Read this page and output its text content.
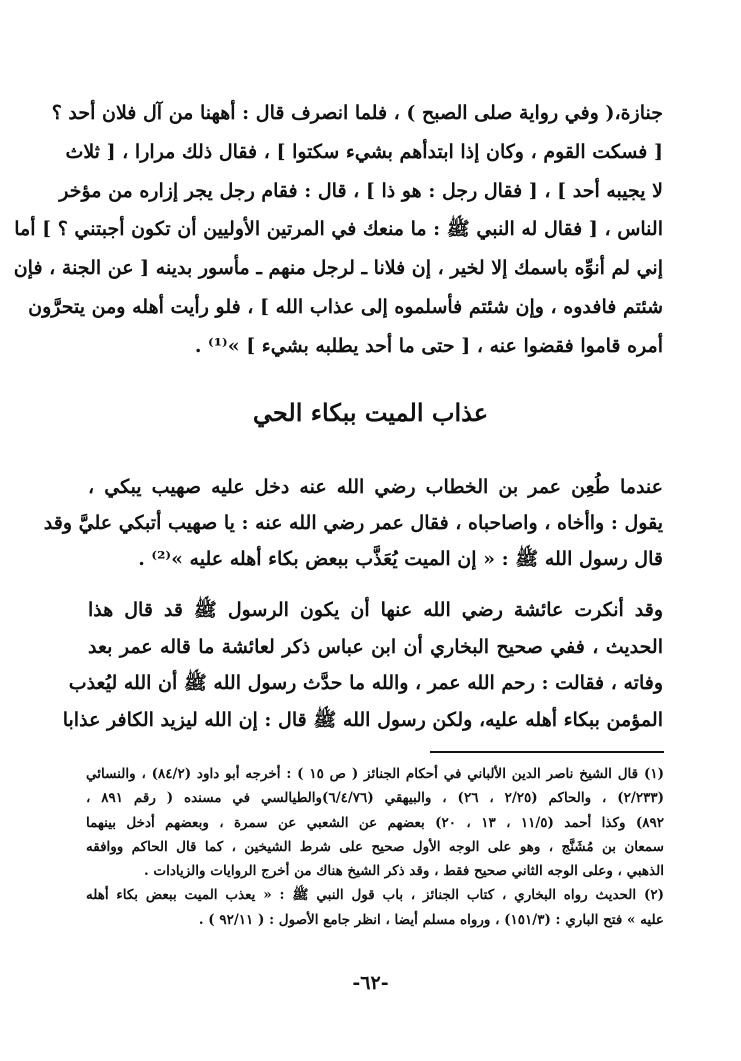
جنازة،( وفي رواية صلى الصبح ) ، فلما انصرف قال : أههنا من آل فلان أحد ؟
[ فسكت القوم ، وكان إذا ابتدأهم بشيء سكتوا ] ، فقال ذلك مرارا ، [ ثلاث
لا يجيبه أحد ] ، [ فقال رجل : هو ذا ] ، قال : فقام رجل يجر إزاره من مؤخر
الناس ، [ فقال له النبي ﷺ : ما منعك في المرتين الأوليين أن تكون أجبتني ؟ ] أما
إني لم أنوِّه باسمك إلا لخير ، إن فلانا ـ لرجل منهم ـ مأسور بدينه [ عن الجنة ، فإن
شئتم فافدوه ، وإن شئتم فأسلموه إلى عذاب الله ] ، فلو رأيت أهله ومن يتحرَّون
أمره قاموا فقضوا عنه ، [ حتى ما أحد يطلبه بشيء ] »⁽¹⁾ .
عذاب الميت ببكاء الحي
عندما طُعِن عمر بن الخطاب رضي الله عنه دخل عليه صهيب يبكي ،
يقول : واأخاه ، واصاحباه ، فقال عمر رضي الله عنه : يا صهيب أتبكي عليَّ وقد
قال رسول الله ﷺ : « إن الميت يُعَذَّب ببعض بكاء أهله عليه »⁽²⁾ .
وقد أنكرت عائشة رضي الله عنها أن يكون الرسول ﷺ قد قال هذا
الحديث ، ففي صحيح البخاري أن ابن عباس ذكر لعائشة ما قاله عمر بعد
وفاته ، فقالت : رحم الله عمر ، والله ما حدَّث رسول الله ﷺ أن الله ليُعذب
المؤمن ببكاء أهله عليه، ولكن رسول الله ﷺ قال : إن الله ليزيد الكافر عذابا
(١) قال الشيخ ناصر الدين الألباني في أحكام الجنائز ( ص ١٥ ) : أخرجه أبو داود (٨٤/٢) ، والنسائي
(٢/٢٣٣) ، والحاكم (٢/٢٥ ، ٢٦) ، والبيهقي (٦/٤/٧٦)والطيالسي في مسنده ( رقم ٨٩١ ،
٨٩٢) وكذا أحمد (١١/٥ ، ١٣ ، ٢٠) بعضهم عن الشعبي عن سمرة ، وبعضهم أدخل بينهما
سمعان بن مُشَنَّج ، وهو على الوجه الأول صحيح على شرط الشيخين ، كما قال الحاكم ووافقه
الذهبي ، وعلى الوجه الثاني صحيح فقط ، وقد ذكر الشيخ هناك من أخرج الروايات والزيادات .
(٢) الحديث رواه البخاري ، كتاب الجنائز ، باب قول النبي ﷺ : « يعذب الميت ببعض بكاء أهله
عليه » فتح الباري : (١٥١/٣) ، ورواه مسلم أيضا ، انظر جامع الأصول : ( ٩٢/١١ ) .
-٦٢-
